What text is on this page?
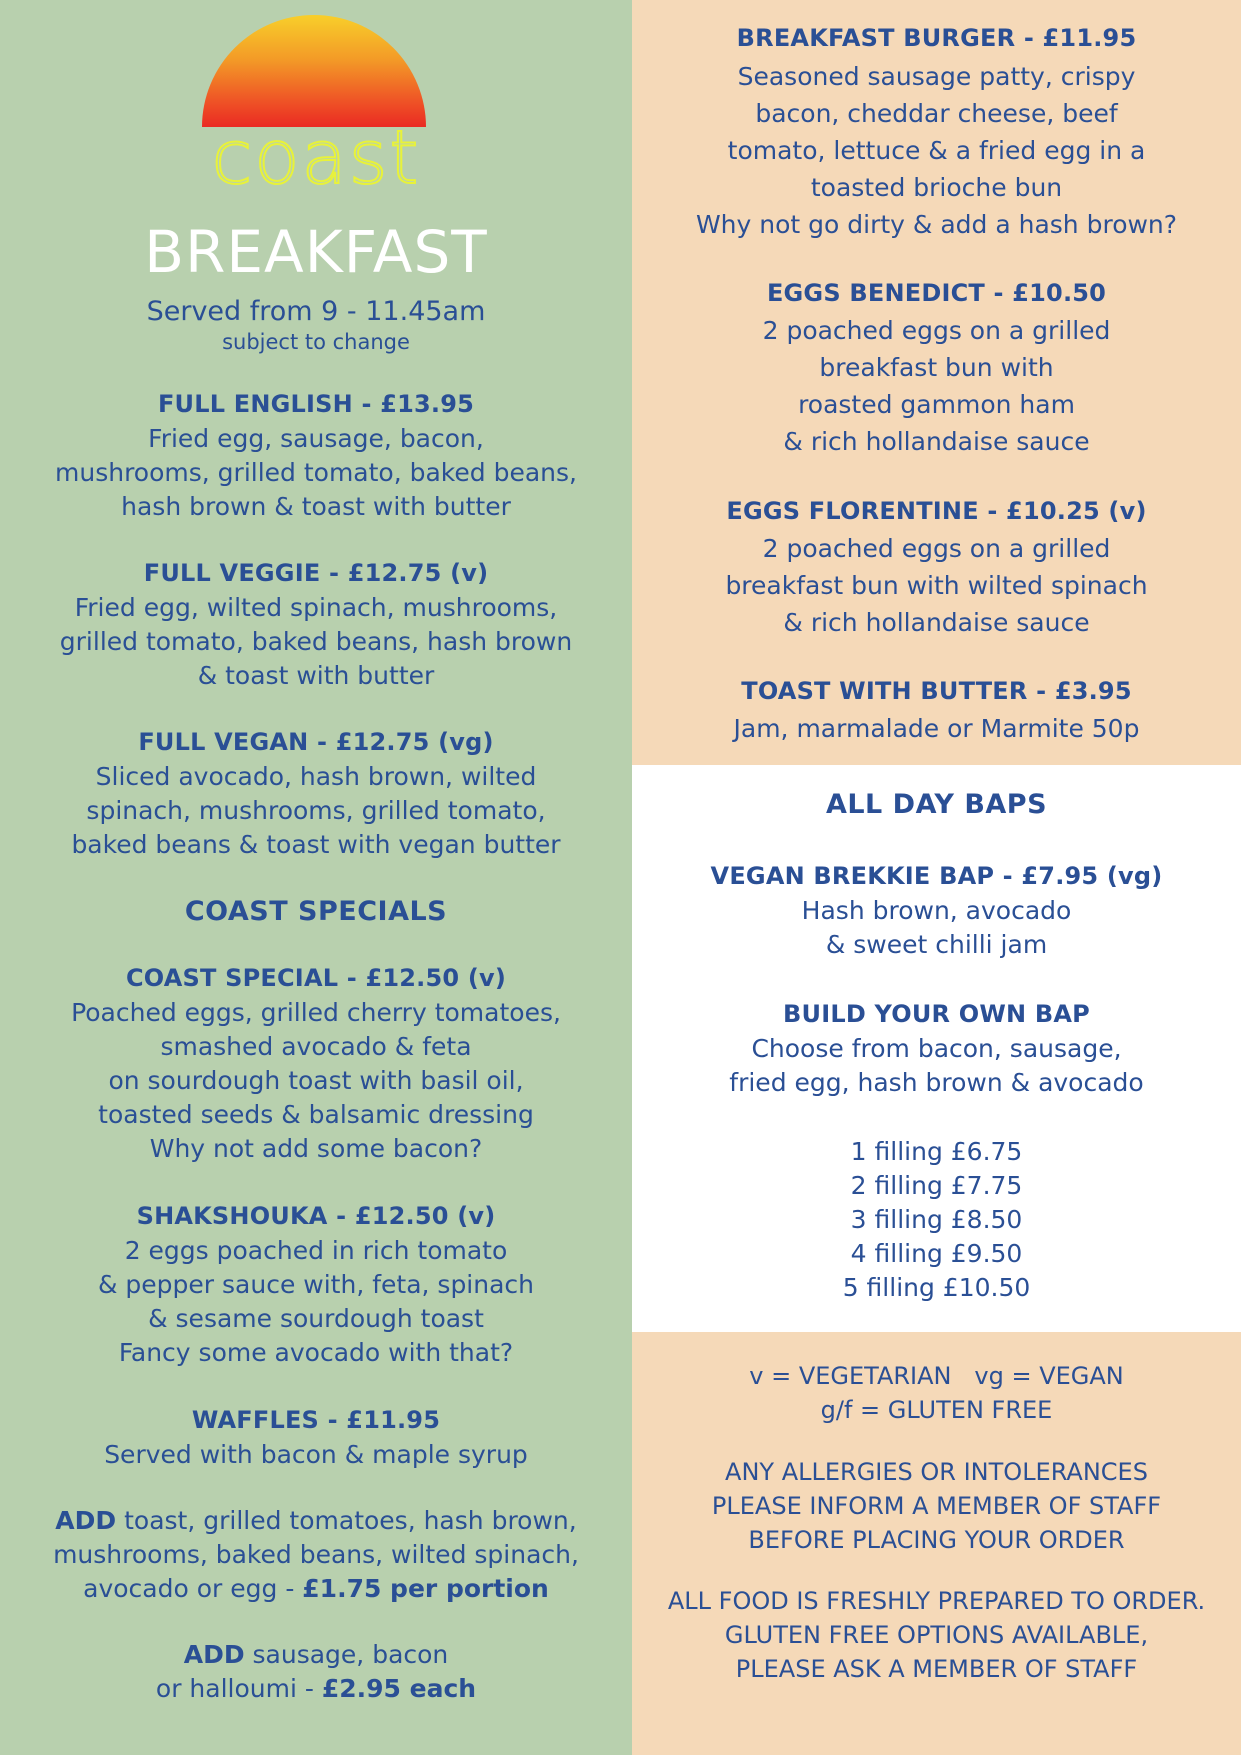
coast
BREAKFAST
Served from 9 - 11.45am
subject to change
FULL ENGLISH - £13.95
Fried egg, sausage, bacon,
mushrooms, grilled tomato, baked beans,
hash brown & toast with butter
FULL VEGGIE - £12.75 (v)
Fried egg, wilted spinach, mushrooms,
grilled tomato, baked beans, hash brown
& toast with butter
FULL VEGAN - £12.75 (vg)
Sliced avocado, hash brown, wilted
spinach, mushrooms, grilled tomato,
baked beans & toast with vegan butter
COAST SPECIALS
COAST SPECIAL - £12.50 (v)
Poached eggs, grilled cherry tomatoes,
smashed avocado & feta
on sourdough toast with basil oil,
toasted seeds & balsamic dressing
Why not add some bacon?
SHAKSHOUKA - £12.50 (v)
2 eggs poached in rich tomato
& pepper sauce with, feta, spinach
& sesame sourdough toast
Fancy some avocado with that?
WAFFLES - £11.95
Served with bacon & maple syrup
ADD toast, grilled tomatoes, hash brown,
mushrooms, baked beans, wilted spinach,
avocado or egg - £1.75 per portion
ADD sausage, bacon
or halloumi - £2.95 each
BREAKFAST BURGER - £11.95
Seasoned sausage patty, crispy
bacon, cheddar cheese, beef
tomato, lettuce & a fried egg in a
toasted brioche bun
Why not go dirty & add a hash brown?
EGGS BENEDICT - £10.50
2 poached eggs on a grilled
breakfast bun with
roasted gammon ham
& rich hollandaise sauce
EGGS FLORENTINE - £10.25 (v)
2 poached eggs on a grilled
breakfast bun with wilted spinach
& rich hollandaise sauce
TOAST WITH BUTTER - £3.95
Jam, marmalade or Marmite 50p
ALL DAY BAPS
VEGAN BREKKIE BAP - £7.95 (vg)
Hash brown, avocado
& sweet chilli jam
BUILD YOUR OWN BAP
Choose from bacon, sausage,
fried egg, hash brown & avocado
1 filling £6.75
2 filling £7.75
3 filling £8.50
4 filling £9.50
5 filling £10.50
v = VEGETARIAN   vg = VEGAN
g/f = GLUTEN FREE
ANY ALLERGIES OR INTOLERANCES
PLEASE INFORM A MEMBER OF STAFF
BEFORE PLACING YOUR ORDER
ALL FOOD IS FRESHLY PREPARED TO ORDER.
GLUTEN FREE OPTIONS AVAILABLE,
PLEASE ASK A MEMBER OF STAFF
